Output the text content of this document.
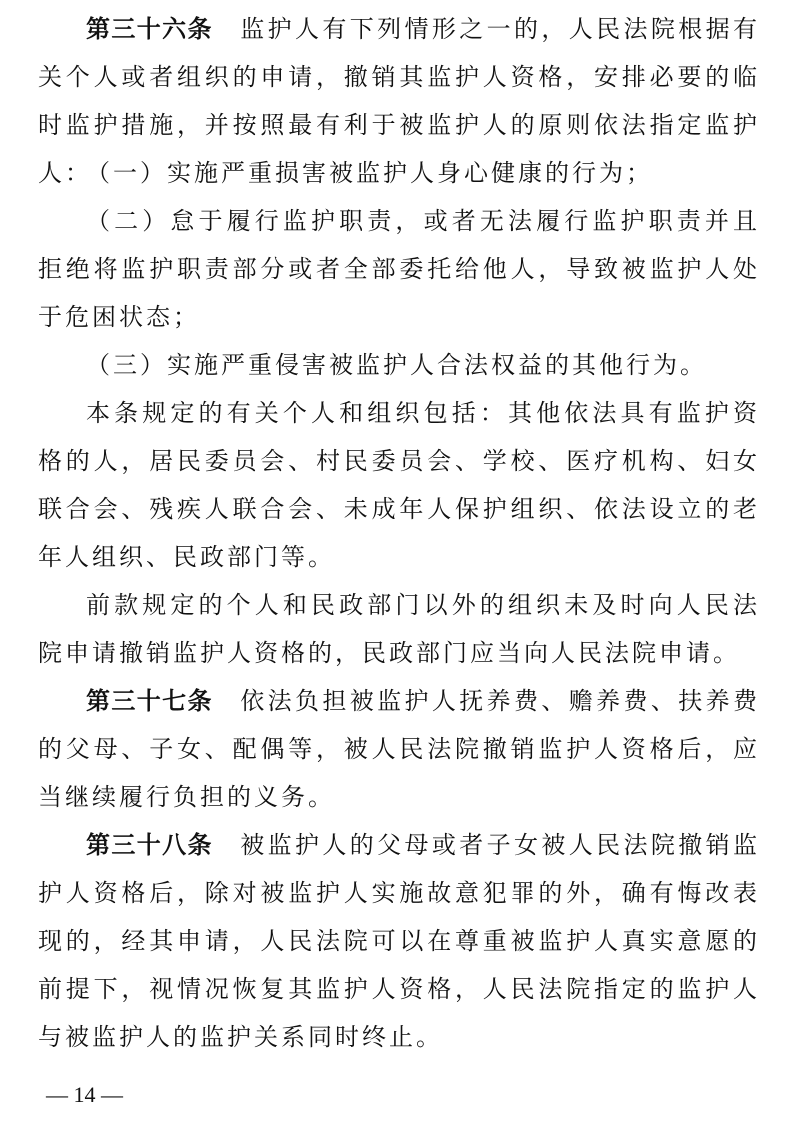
第三十六条　 监护人有下列情形之一的，人民法院根据有关个人或者组织的申请，撤销其监护人资格，安排必要的临时监护措施，并按照最有利于被监护人的原则依法指定监护人：

（一）实施严重损害被监护人身心健康的行为；

（二）怠于履行监护职责，或者无法履行监护职责并且拒绝将监护职责部分或者全部委托给他人，导致被监护人处于危困状态；

（三）实施严重侵害被监护人合法权益的其他行为。

本条规定的有关个人和组织包括：其他依法具有监护资格的人，居民委员会、村民委员会、学校、医疗机构、妇女联合会、残疾人联合会、未成年人保护组织、依法设立的老年人组织、民政部门等。

前款规定的个人和民政部门以外的组织未及时向人民法院申请撤销监护人资格的，民政部门应当向人民法院申请。

第三十七条　 依法负担被监护人抚养费、赡养费、扶养费的父母、子女、配偶等，被人民法院撤销监护人资格后，应当继续履行负担的义务。

第三十八条　 被监护人的父母或者子女被人民法院撤销监护人资格后，除对被监护人实施故意犯罪的外，确有悔改表现的，经其申请，人民法院可以在尊重被监护人真实意愿的前提下，视情况恢复其监护人资格，人民法院指定的监护人与被监护人的监护关系同时终止。

— 14 —
